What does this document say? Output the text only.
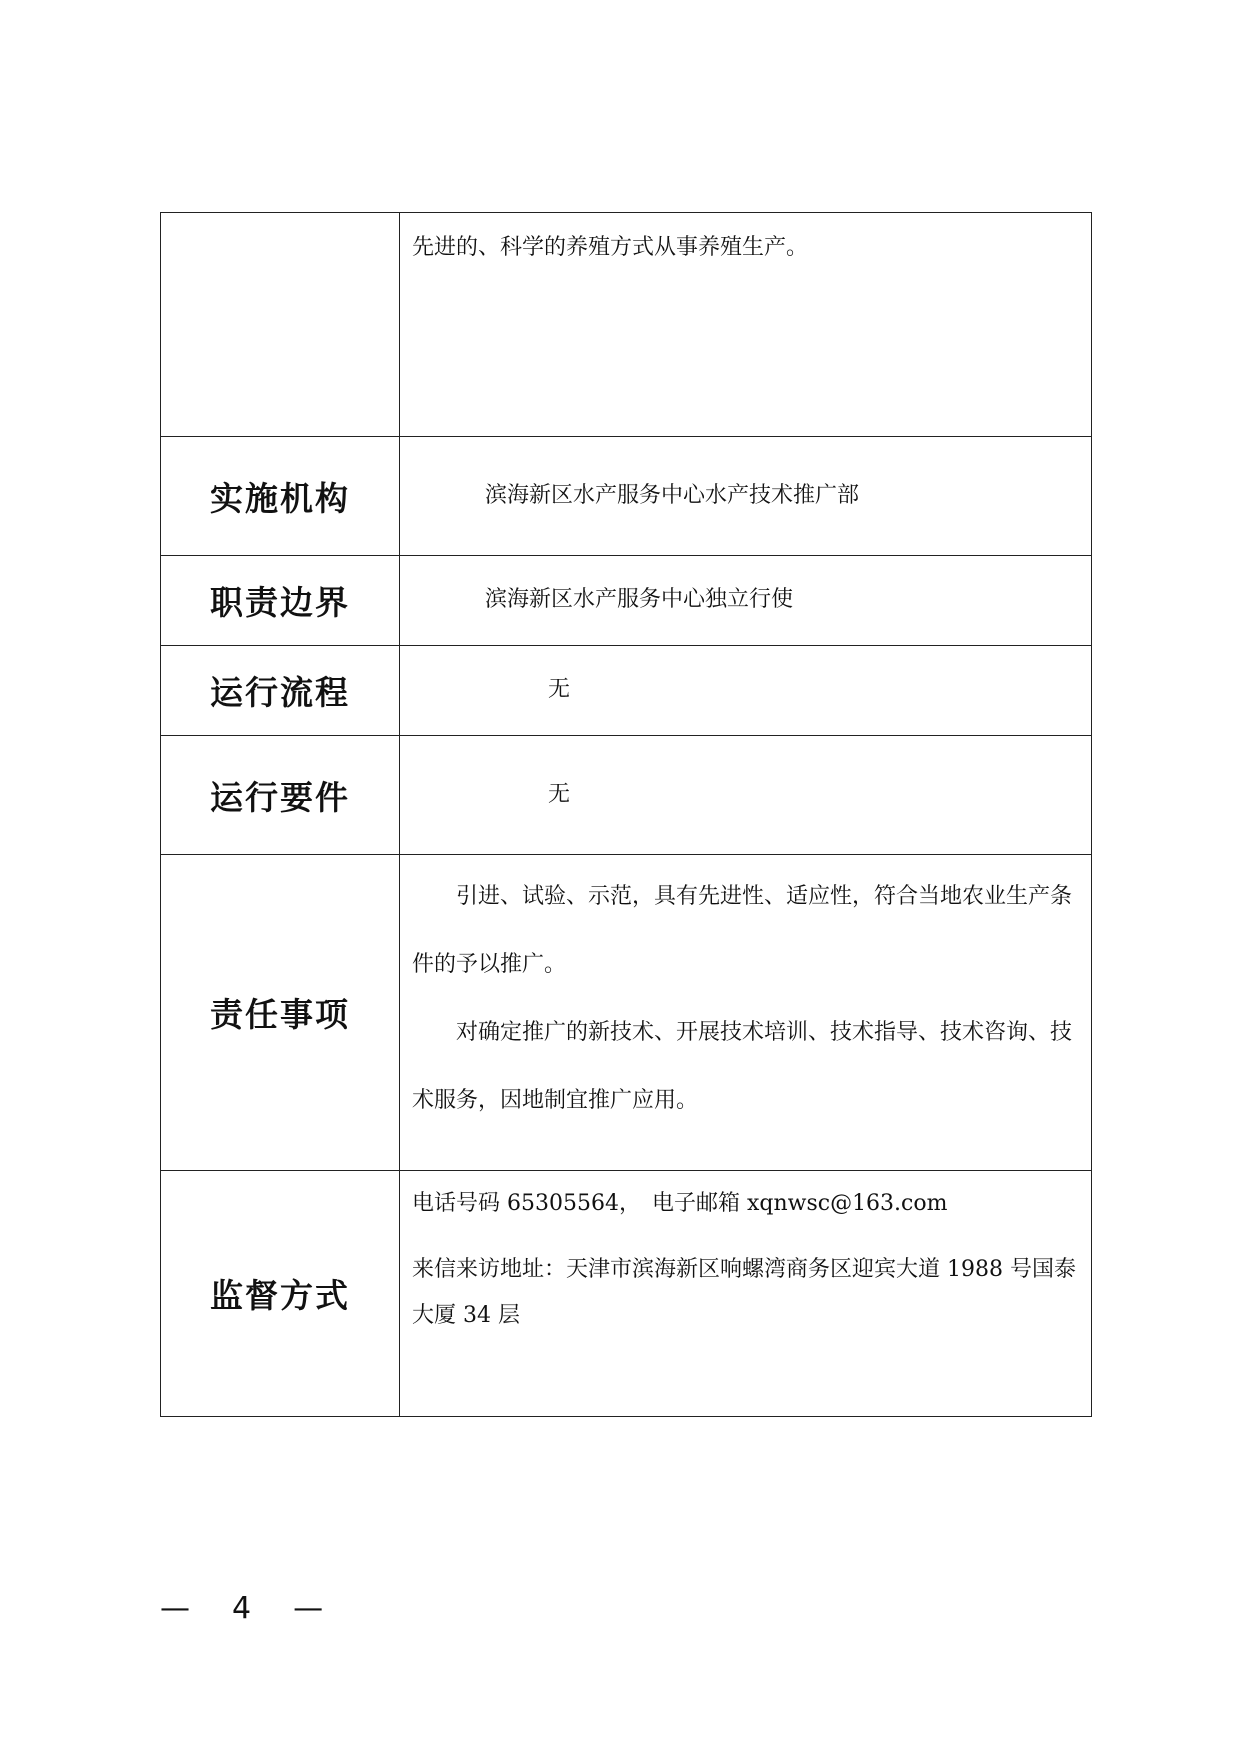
	先进的、科学的养殖方式从事养殖生产。
实施机构	滨海新区水产服务中心水产技术推广部
职责边界	滨海新区水产服务中心独立行使
运行流程	无
运行要件	无
责任事项	引进、试验、示范，具有先进性、适应性，符合当地农业生产条件的予以推广。

对确定推广的新技术、开展技术培训、技术指导、技术咨询、技术服务，因地制宜推广应用。

监督方式	电话号码 65305564，　电子邮箱 xqnwsc@163.com

来信来访地址：天津市滨海新区响螺湾商务区迎宾大道 1988 号国泰大厦 34 层

—　4　—
